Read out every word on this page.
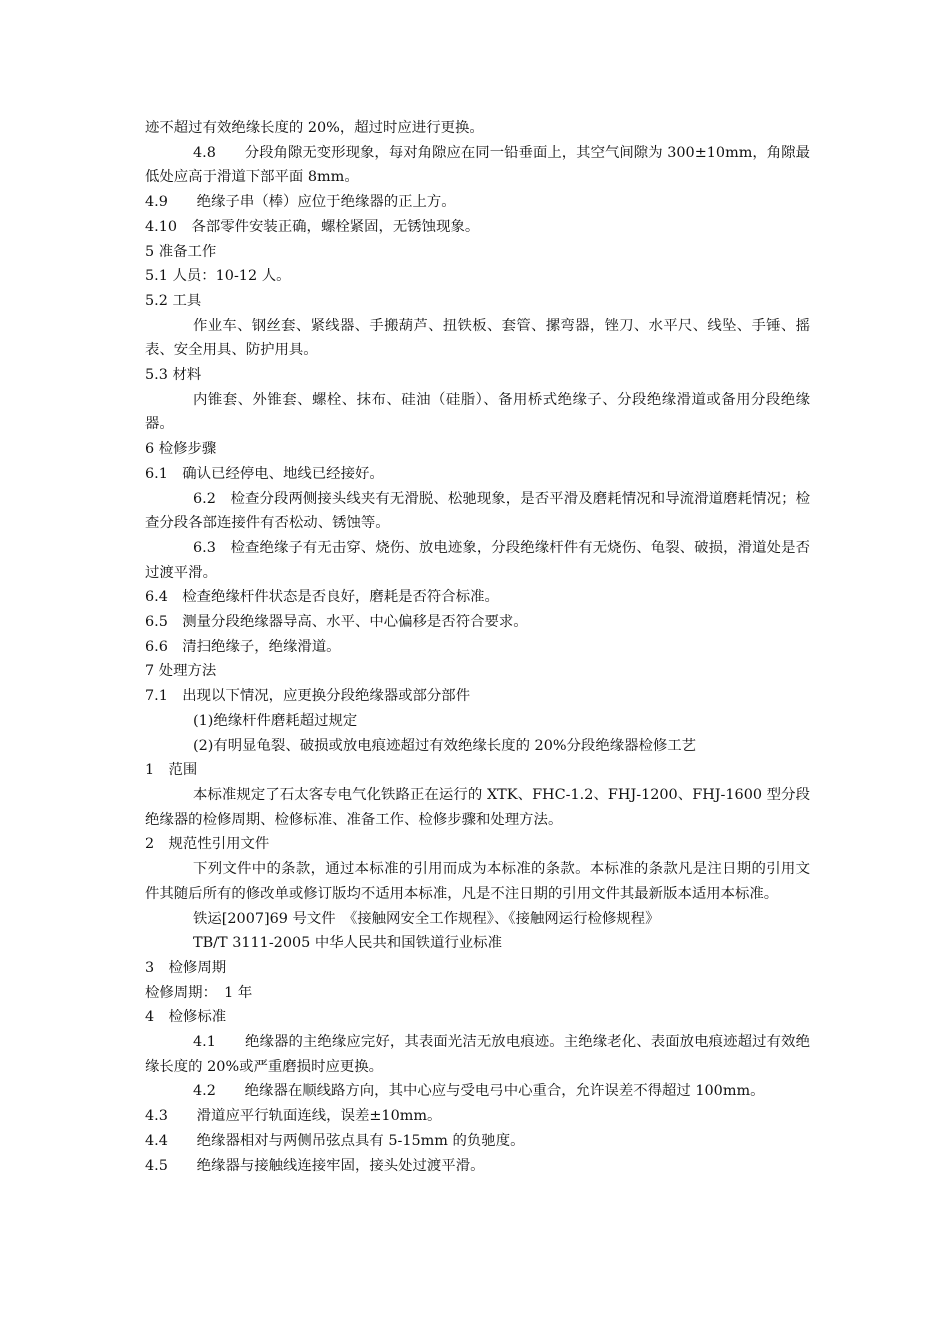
迹不超过有效绝缘长度的 20%，超过时应进行更换。

4.8　　分段角隙无变形现象，每对角隙应在同一铅垂面上，其空气间隙为 300±10mm，角隙最低处应高于滑道下部平面 8mm。

4.9　　绝缘子串（棒）应位于绝缘器的正上方。

4.10　各部零件安装正确，螺栓紧固，无锈蚀现象。

5 准备工作

5.1 人员：10-12 人。

5.2 工具

作业车、钢丝套、紧线器、手搬葫芦、扭铁板、套管、摞弯器，锉刀、水平尺、线坠、手锤、摇表、安全用具、防护用具。

5.3 材料

内锥套、外锥套、螺栓、抹布、硅油（硅脂）、备用桥式绝缘子、分段绝缘滑道或备用分段绝缘器。

6 检修步骤

6.1　确认已经停电、地线已经接好。

6.2　检查分段两侧接头线夹有无滑脱、松驰现象，是否平滑及磨耗情况和导流滑道磨耗情况；检查分段各部连接件有否松动、锈蚀等。

6.3　检查绝缘子有无击穿、烧伤、放电迹象，分段绝缘杆件有无烧伤、龟裂、破损，滑道处是否过渡平滑。

6.4　检查绝缘杆件状态是否良好，磨耗是否符合标准。

6.5　测量分段绝缘器导高、水平、中心偏移是否符合要求。

6.6　清扫绝缘子，绝缘滑道。

7 处理方法

7.1　出现以下情况，应更换分段绝缘器或部分部件

(1)绝缘杆件磨耗超过规定

(2)有明显龟裂、破损或放电痕迹超过有效绝缘长度的 20%分段绝缘器检修工艺

1　范围

本标准规定了石太客专电气化铁路正在运行的 XTK、FHC-1.2、FHJ-1200、FHJ-1600 型分段绝缘器的检修周期、检修标准、准备工作、检修步骤和处理方法。

2　规范性引用文件

下列文件中的条款，通过本标准的引用而成为本标准的条款。本标准的条款凡是注日期的引用文件其随后所有的修改单或修订版均不适用本标准，凡是不注日期的引用文件其最新版本适用本标准。

铁运[2007]69 号文件　《接触网安全工作规程》、《接触网运行检修规程》

TB/T 3111-2005 中华人民共和国铁道行业标准

3　检修周期

检修周期：　1 年

4　检修标准

4.1　　绝缘器的主绝缘应完好，其表面光洁无放电痕迹。主绝缘老化、表面放电痕迹超过有效绝缘长度的 20%或严重磨损时应更换。

4.2　　绝缘器在顺线路方向，其中心应与受电弓中心重合，允许误差不得超过 100mm。

4.3　　滑道应平行轨面连线，误差±10mm。

4.4　　绝缘器相对与两侧吊弦点具有 5-15mm 的负驰度。

4.5　　绝缘器与接触线连接牢固，接头处过渡平滑。
